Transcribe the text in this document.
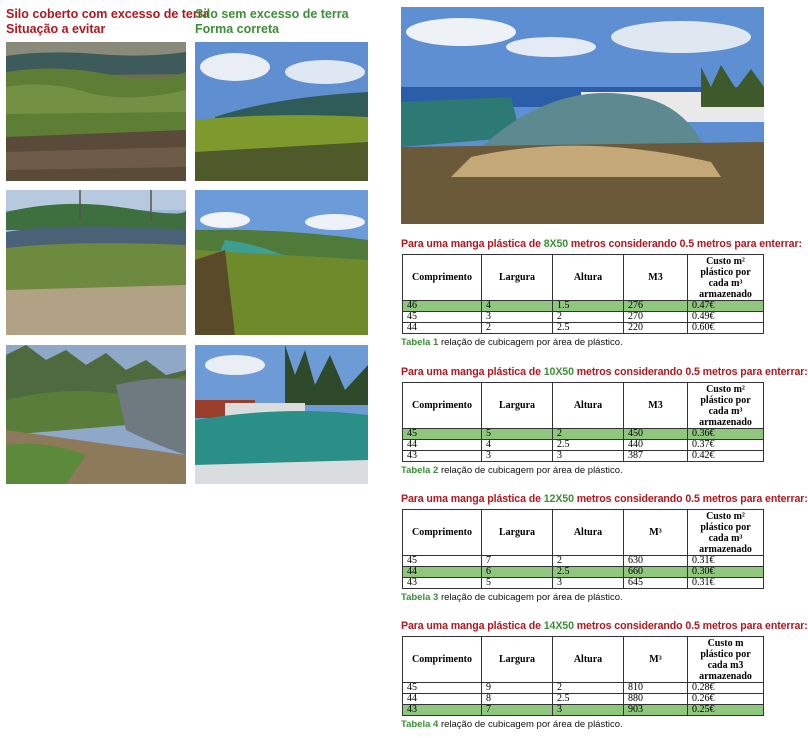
Silo coberto com excesso de terra
Situação a evitar
Silo sem excesso de terra
Forma correta
Para uma manga plástica de 8X50 metros considerando 0.5 metros para enterrar:
Comprimento	Largura	Altura	M3	Custo m² plástico por cada m³ armazenado
46	4	1.5	276	0.47€
45	3	2	270	0.49€
44	2	2.5	220	0.60€
Tabela 1 relação de cubicagem por área de plástico.
Para uma manga plástica de 10X50 metros considerando 0.5 metros para enterrar:
Comprimento	Largura	Altura	M3	Custo m² plástico por cada m³ armazenado
45	5	2	450	0.36€
44	4	2.5	440	0.37€
43	3	3	387	0.42€
Tabela 2 relação de cubicagem por área de plástico.
Para uma manga plástica de 12X50 metros considerando 0.5 metros para enterrar:
Comprimento	Largura	Altura	M³	Custo m² plástico por cada m³ armazenado
45	7	2	630	0.31€
44	6	2.5	660	0.30€
43	5	3	645	0.31€
Tabela 3 relação de cubicagem por área de plástico.
Para uma manga plástica de 14X50 metros considerando 0.5 metros para enterrar:
Comprimento	Largura	Altura	M³	Custo m plástico por cada m3 armazenado
45	9	2	810	0.28€
44	8	2.5	880	0.26€
43	7	3	903	0.25€
Tabela 4 relação de cubicagem por área de plástico.
